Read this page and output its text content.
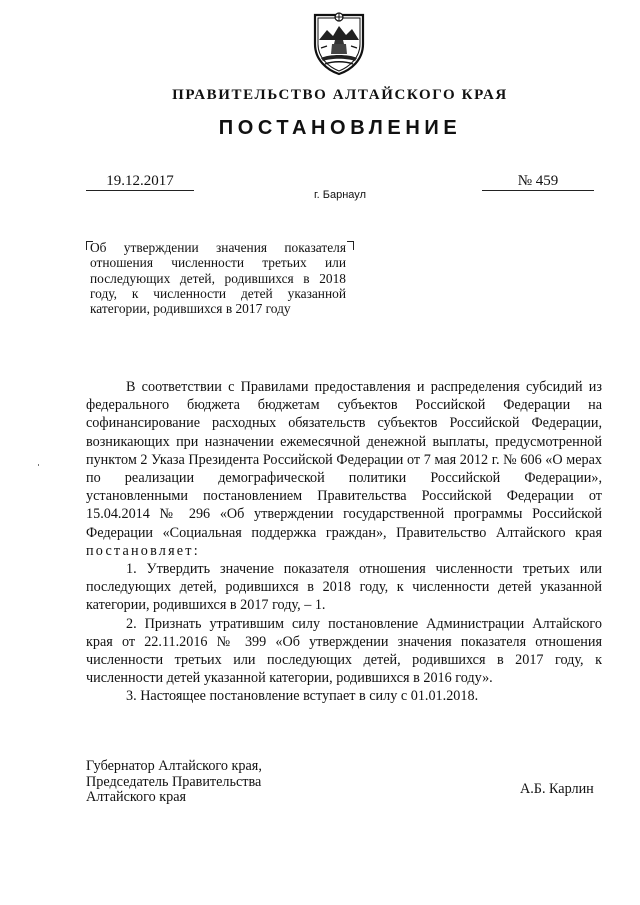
ПРАВИТЕЛЬСТВО АЛТАЙСКОГО КРАЯ
ПОСТАНОВЛЕНИЕ
19.12.2017	№ 459
г. Барнаул

Об утверждении значения показателя отношения численности третьих или последующих детей, родившихся в 2018 году, к численности детей указанной категории, родившихся в 2017 году

В соответствии с Правилами предоставления и распределения субсидий из федерального бюджета бюджетам субъектов Российской Федерации на софинансирование расходных обязательств субъектов Российской Федерации, возникающих при назначении ежемесячной денежной выплаты, предусмотренной пунктом 2 Указа Президента Российской Федерации от 7 мая 2012 г. № 606 «О мерах по реализации демографической политики Российской Федерации», установленными постановлением Правительства Российской Федерации от 15.04.2014 № 296 «Об утверждении государственной программы Российской Федерации «Социальная поддержка граждан», Правительство Алтайского края постановляет:

1. Утвердить значение показателя отношения численности третьих или последующих детей, родившихся в 2018 году, к численности детей указанной категории, родившихся в 2017 году, – 1.

2. Признать утратившим силу постановление Администрации Алтайского края от 22.11.2016 № 399 «Об утверждении значения показателя отношения численности третьих или последующих детей, родившихся в 2017 году, к численности детей указанной категории, родившихся в 2016 году».

3. Настоящее постановление вступает в силу с 01.01.2018.

Губернатор Алтайского края,
Председатель Правительства
Алтайского края	А.Б. Карлин
